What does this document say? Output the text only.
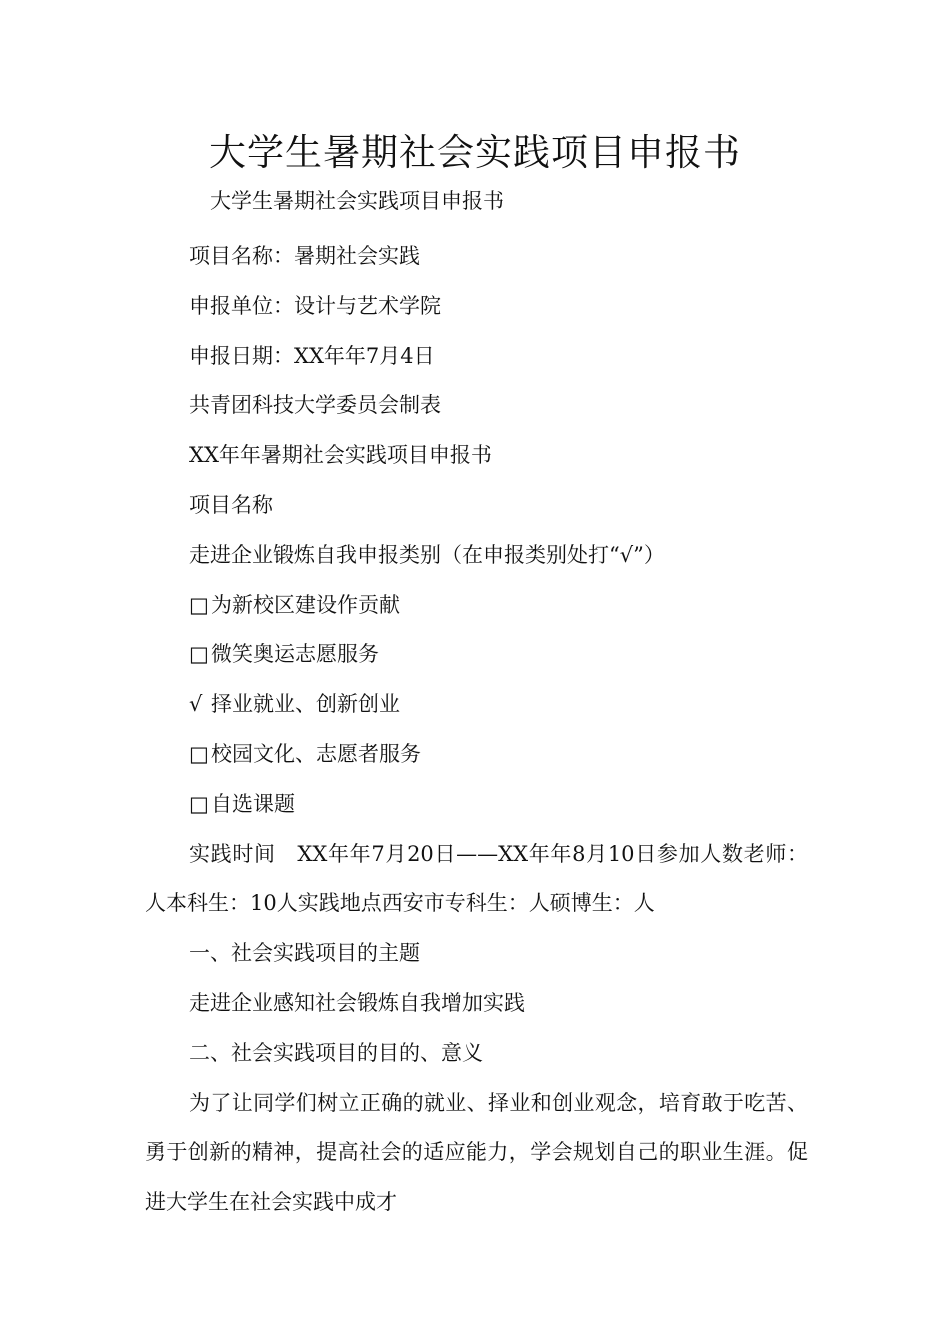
大学生暑期社会实践项目申报书

大学生暑期社会实践项目申报书

项目名称：暑期社会实践

申报单位：设计与艺术学院

申报日期：XX年年7月4日

共青团科技大学委员会制表

XX年年暑期社会实践项目申报书

项目名称

走进企业锻炼自我申报类别（在申报类别处打“√”）

□ 为新校区建设作贡献

□ 微笑奥运志愿服务

√ 择业就业、创新创业

□ 校园文化、志愿者服务

□ 自选课题

实践时间　XX年年7月20日——XX年年8月10日参加人数老师：人本科生：10人实践地点西安市专科生：人硕博生：人

一、社会实践项目的主题

走进企业感知社会锻炼自我增加实践

二、社会实践项目的目的、意义

为了让同学们树立正确的就业、择业和创业观念，培育敢于吃苦、勇于创新的精神，提高社会的适应能力，学会规划自己的职业生涯。促进大学生在社会实践中成才
